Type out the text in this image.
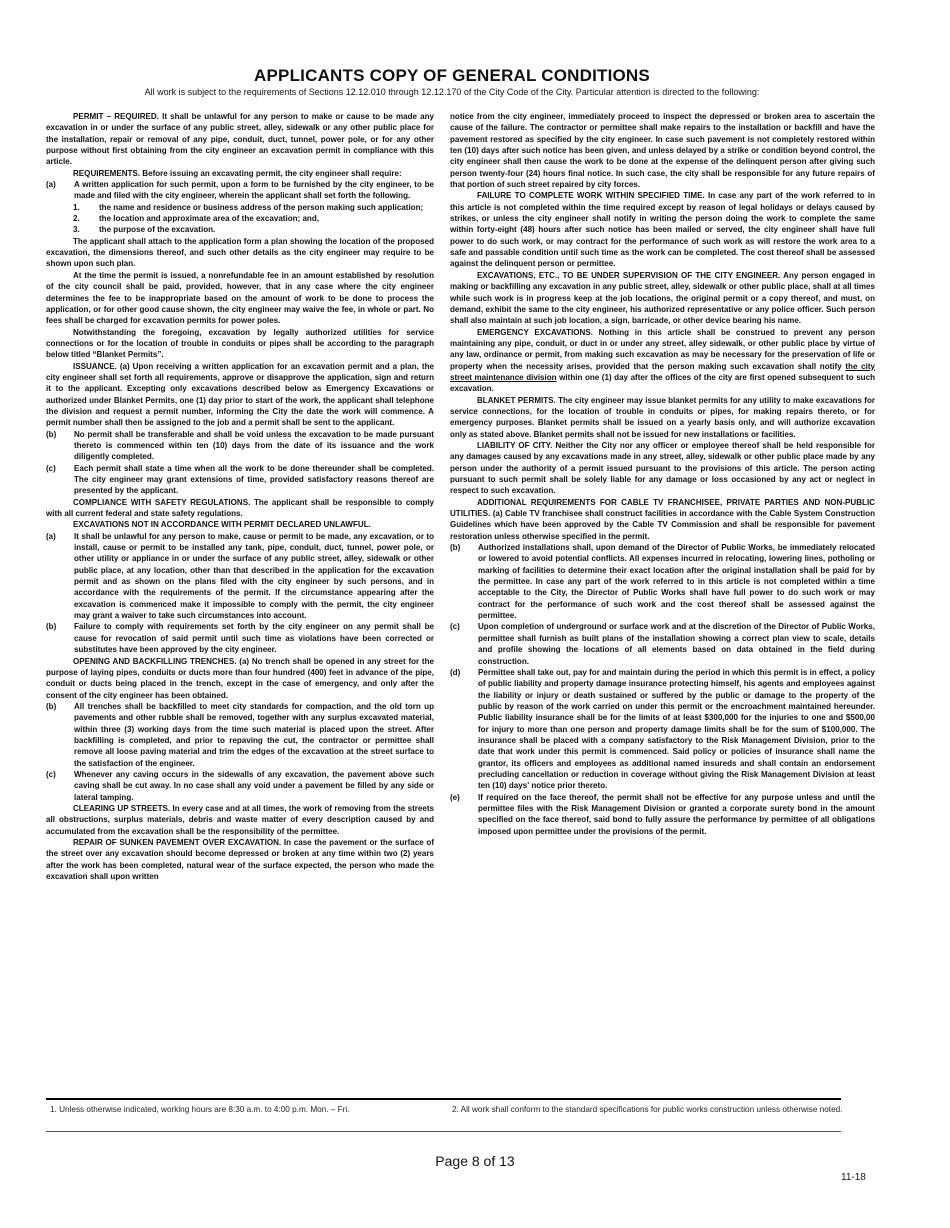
APPLICANTS COPY OF GENERAL CONDITIONS
All work is subject to the requirements of Sections 12.12.010 through 12.12.170 of the City Code of the City. Particular attention is directed to the following:

PERMIT – REQUIRED. It shall be unlawful for any person to make or cause to be made any excavation in or under the surface of any public street, alley, sidewalk or any other public place for the installation, repair or removal of any pipe, conduit, duct, tunnel, power pole, or for any other purpose without first obtaining from the city engineer an excavation permit in compliance with this article.

REQUIREMENTS. Before issuing an excavating permit, the city engineer shall require:

(a) A written application for such permit, upon a form to be furnished by the city engineer, to be made and filed with the city engineer, wherein the applicant shall set forth the following.

1. the name and residence or business address of the person making such application;

2. the location and approximate area of the excavation; and,

3. the purpose of the excavation.

The applicant shall attach to the application form a plan showing the location of the proposed excavation, the dimensions thereof, and such other details as the city engineer may require to be shown upon such plan.

At the time the permit is issued, a nonrefundable fee in an amount established by resolution of the city council shall be paid, provided, however, that in any case where the city engineer determines the fee to be inappropriate based on the amount of work to be done to process the application, or for other good cause shown, the city engineer may waive the fee, in whole or part. No fees shall be charged for excavation permits for power poles.

Notwithstanding the foregoing, excavation by legally authorized utilities for service connections or for the location of trouble in conduits or pipes shall be according to the paragraph below titled “Blanket Permits”.

ISSUANCE. (a) Upon receiving a written application for an excavation permit and a plan, the city engineer shall set forth all requirements, approve or disapprove the application, sign and return it to the applicant. Excepting only excavations described below as Emergency Excavations or authorized under Blanket Permits, one (1) day prior to start of the work, the applicant shall telephone the division and request a permit number, informing the City the date the work will commence. A permit number shall then be assigned to the job and a permit shall be sent to the applicant.

(b) No permit shall be transferable and shall be void unless the excavation to be made pursuant thereto is commenced within ten (10) days from the date of its issuance and the work diligently completed.

(c) Each permit shall state a time when all the work to be done thereunder shall be completed. The city engineer may grant extensions of time, provided satisfactory reasons thereof are presented by the applicant.

COMPLIANCE WITH SAFETY REGULATIONS. The applicant shall be responsible to comply with all current federal and state safety regulations.

EXCAVATIONS NOT IN ACCORDANCE WITH PERMIT DECLARED UNLAWFUL.

(a) It shall be unlawful for any person to make, cause or permit to be made, any excavation, or to install, cause or permit to be installed any tank, pipe, conduit, duct, tunnel, power pole, or other utility or appliance in or under the surface of any public street, alley, sidewalk or other public place, at any location, other than that described in the application for the excavation permit and as shown on the plans filed with the city engineer by such persons, and in accordance with the requirements of the permit. If the circumstance appearing after the excavation is commenced make it impossible to comply with the permit, the city engineer may grant a waiver to take such circumstances into account.

(b) Failure to comply with requirements set forth by the city engineer on any permit shall be cause for revocation of said permit until such time as violations have been corrected or substitutes have been approved by the city engineer.

OPENING AND BACKFILLING TRENCHES. (a) No trench shall be opened in any street for the purpose of laying pipes, conduits or ducts more than four hundred (400) feet in advance of the pipe, conduit or ducts being placed in the trench, except in the case of emergency, and only after the consent of the city engineer has been obtained.

(b) All trenches shall be backfilled to meet city standards for compaction, and the old torn up pavements and other rubble shall be removed, together with any surplus excavated material, within three (3) working days from the time such material is placed upon the street. After backfilling is completed, and prior to repaving the cut, the contractor or permittee shall remove all loose paving material and trim the edges of the excavation at the street surface to the satisfaction of the engineer.

(c) Whenever any caving occurs in the sidewalls of any excavation, the pavement above such caving shall be cut away. In no case shall any void under a pavement be filled by any side or lateral tamping.

CLEARING UP STREETS. In every case and at all times, the work of removing from the streets all obstructions, surplus materials, debris and waste matter of every description caused by and accumulated from the excavation shall be the responsibility of the permittee.

REPAIR OF SUNKEN PAVEMENT OVER EXCAVATION. In case the pavement or the surface of the street over any excavation should become depressed or broken at any time within two (2) years after the work has been completed, natural wear of the surface expected, the person who made the excavation shall upon written

notice from the city engineer, immediately proceed to inspect the depressed or broken area to ascertain the cause of the failure. The contractor or permittee shall make repairs to the installation or backfill and have the pavement restored as specified by the city engineer. In case such pavement is not completely restored within ten (10) days after such notice has been given, and unless delayed by a strike or condition beyond control, the city engineer shall then cause the work to be done at the expense of the delinquent person after giving such person twenty-four (24) hours final notice. In such case, the city shall be responsible for any future repairs of that portion of such street repaired by city forces.

FAILURE TO COMPLETE WORK WITHIN SPECIFIED TIME. In case any part of the work referred to in this article is not completed within the time required except by reason of legal holidays or delays caused by strikes, or unless the city engineer shall notify in writing the person doing the work to complete the same within forty-eight (48) hours after such notice has been mailed or served, the city engineer shall have full power to do such work, or may contract for the performance of such work as will restore the work area to a safe and passable condition until such time as the work can be completed. The cost thereof shall be assessed against the delinquent person or permittee.

EXCAVATIONS, ETC., TO BE UNDER SUPERVISION OF THE CITY ENGINEER. Any person engaged in making or backfilling any excavation in any public street, alley, sidewalk or other public place, shall at all times while such work is in progress keep at the job locations, the original permit or a copy thereof, and must, on demand, exhibit the same to the city engineer, his authorized representative or any police officer. Such person shall also maintain at such job location, a sign, barricade, or other device bearing his name.

EMERGENCY EXCAVATIONS. Nothing in this article shall be construed to prevent any person maintaining any pipe, conduit, or duct in or under any street, alley sidewalk, or other public place by virtue of any law, ordinance or permit, from making such excavation as may be necessary for the preservation of life or property when the necessity arises, provided that the person making such excavation shall notify the city street maintenance division within one (1) day after the offices of the city are first opened subsequent to such excavation.

BLANKET PERMITS. The city engineer may issue blanket permits for any utility to make excavations for service connections, for the location of trouble in conduits or pipes, for making repairs thereto, or for emergency purposes. Blanket permits shall be issued on a yearly basis only, and will authorize excavation only as stated above. Blanket permits shall not be issued for new installations or facilities.

LIABILITY OF CITY. Neither the City nor any officer or employee thereof shall be held responsible for any damages caused by any excavations made in any street, alley, sidewalk or other public place made by any person under the authority of a permit issued pursuant to the provisions of this article. The person acting pursuant to such permit shall be solely liable for any damage or loss occasioned by any act or neglect in respect to such excavation.

ADDITIONAL REQUIREMENTS FOR CABLE TV FRANCHISEE, PRIVATE PARTIES AND NON-PUBLIC UTILITIES. (a) Cable TV franchisee shall construct facilities in accordance with the Cable System Construction Guidelines which have been approved by the Cable TV Commission and shall be responsible for pavement restoration unless otherwise specified in the permit.

(b) Authorized installations shall, upon demand of the Director of Public Works, be immediately relocated or lowered to avoid potential conflicts. All expenses incurred in relocating, lowering lines, potholing or marking of facilities to determine their exact location after the original installation shall be paid for by the permittee. In case any part of the work referred to in this article is not completed within a time acceptable to the City, the Director of Public Works shall have full power to do such work or may contract for the performance of such work and the cost thereof shall be assessed against the permittee.

(c) Upon completion of underground or surface work and at the discretion of the Director of Public Works, permittee shall furnish as built plans of the installation showing a correct plan view to scale, details and profile showing the locations of all elements based on data obtained in the field during construction.

(d) Permittee shall take out, pay for and maintain during the period in which this permit is in effect, a policy of public liability and property damage insurance protecting himself, his agents and employees against the liability or injury or death sustained or suffered by the public or damage to the property of the public by reason of the work carried on under this permit or the encroachment maintained hereunder. Public liability insurance shall be for the limits of at least $300,000 for the injuries to one and $500,00 for injury to more than one person and property damage limits shall be for the sum of $100,000. The insurance shall be placed with a company satisfactory to the Risk Management Division, prior to the date that work under this permit is commenced. Said policy or policies of insurance shall name the grantor, its officers and employees as additional named insureds and shall contain an endorsement precluding cancellation or reduction in coverage without giving the Risk Management Division at least ten (10) days' notice prior thereto.

(e) If required on the face thereof, the permit shall not be effective for any purpose unless and until the permittee files with the Risk Management Division or granted a corporate surety bond in the amount specified on the face thereof, said bond to fully assure the performance by permittee of all obligations imposed upon permittee under the provisions of the permit.

1. Unless otherwise indicated, working hours are 8:30 a.m. to 4:00 p.m. Mon. – Fri.	2. All work shall conform to the standard specifications for public works construction unless otherwise noted.
Page 8 of 13
11-18
